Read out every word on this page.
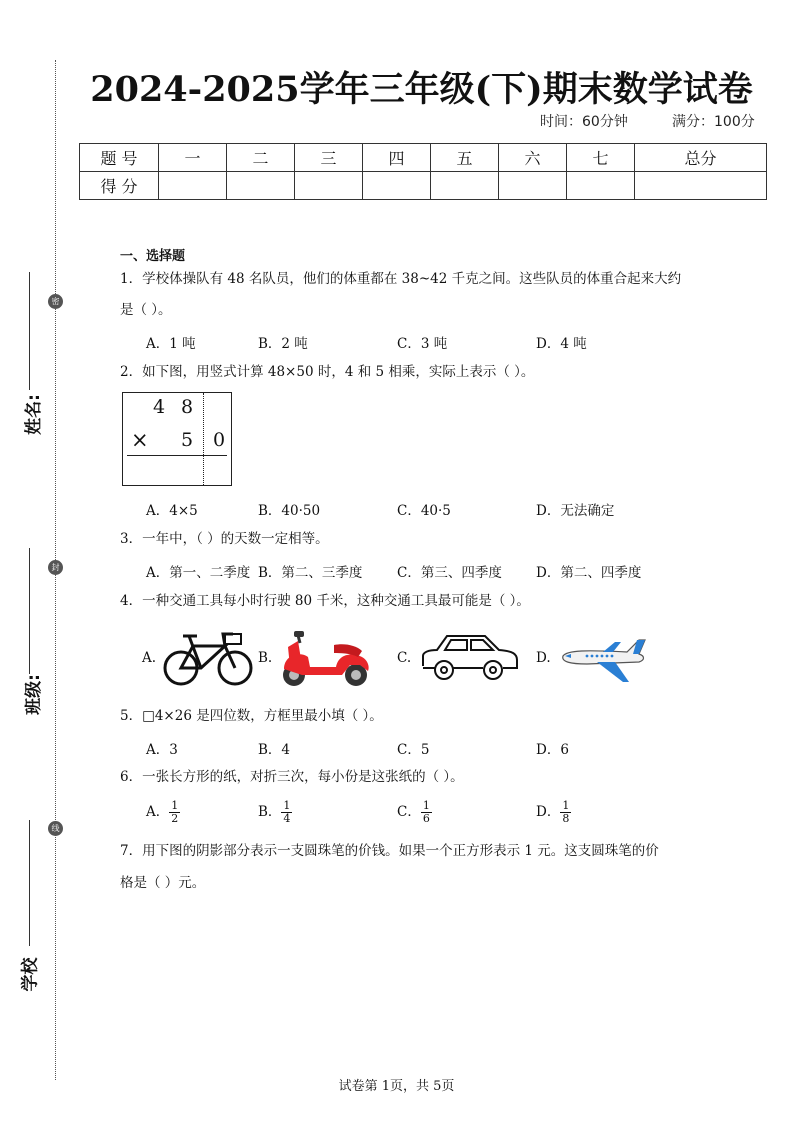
姓名:
班级:
学校
密
封
线
2024-2025学年三年级(下)期末数学试卷
时间：60分钟	满分：100分
题 号	一	二	三	四	五	六	七	总分
得 分								
一、选择题
1．学校体操队有 48 名队员，他们的体重都在 38~42 千克之间。这些队员的体重合起来大约
是（ ）。
A．1 吨	B．2 吨	C．3 吨	D．4 吨
2．如下图，用竖式计算 48×50 时，4 和 5 相乘，实际上表示（ ）。
4 8
× 5 0
A．4×5	B．40·50	C．40·5	D．无法确定
3．一年中，（ ）的天数一定相等。
A．第一、二季度 B．第二、三季度	C．第三、四季度	D．第二、四季度
4．一种交通工具每小时行驶 80 千米，这种交通工具最可能是（ ）。
A.	B.	C.	D.
5．□4×26 是四位数，方框里最小填（ ）。
A．3	B．4	C．5	D．6
6．一张长方形的纸，对折三次，每小份是这张纸的（ ）。
A． $\frac{1}{2}$	B． $\frac{1}{4}$	C． $\frac{1}{6}$	D． $\frac{1}{8}$
7．用下图的阴影部分表示一支圆珠笔的价钱。如果一个正方形表示 1 元。这支圆珠笔的价
格是（ ）元。
试卷第 1页，共 5页
